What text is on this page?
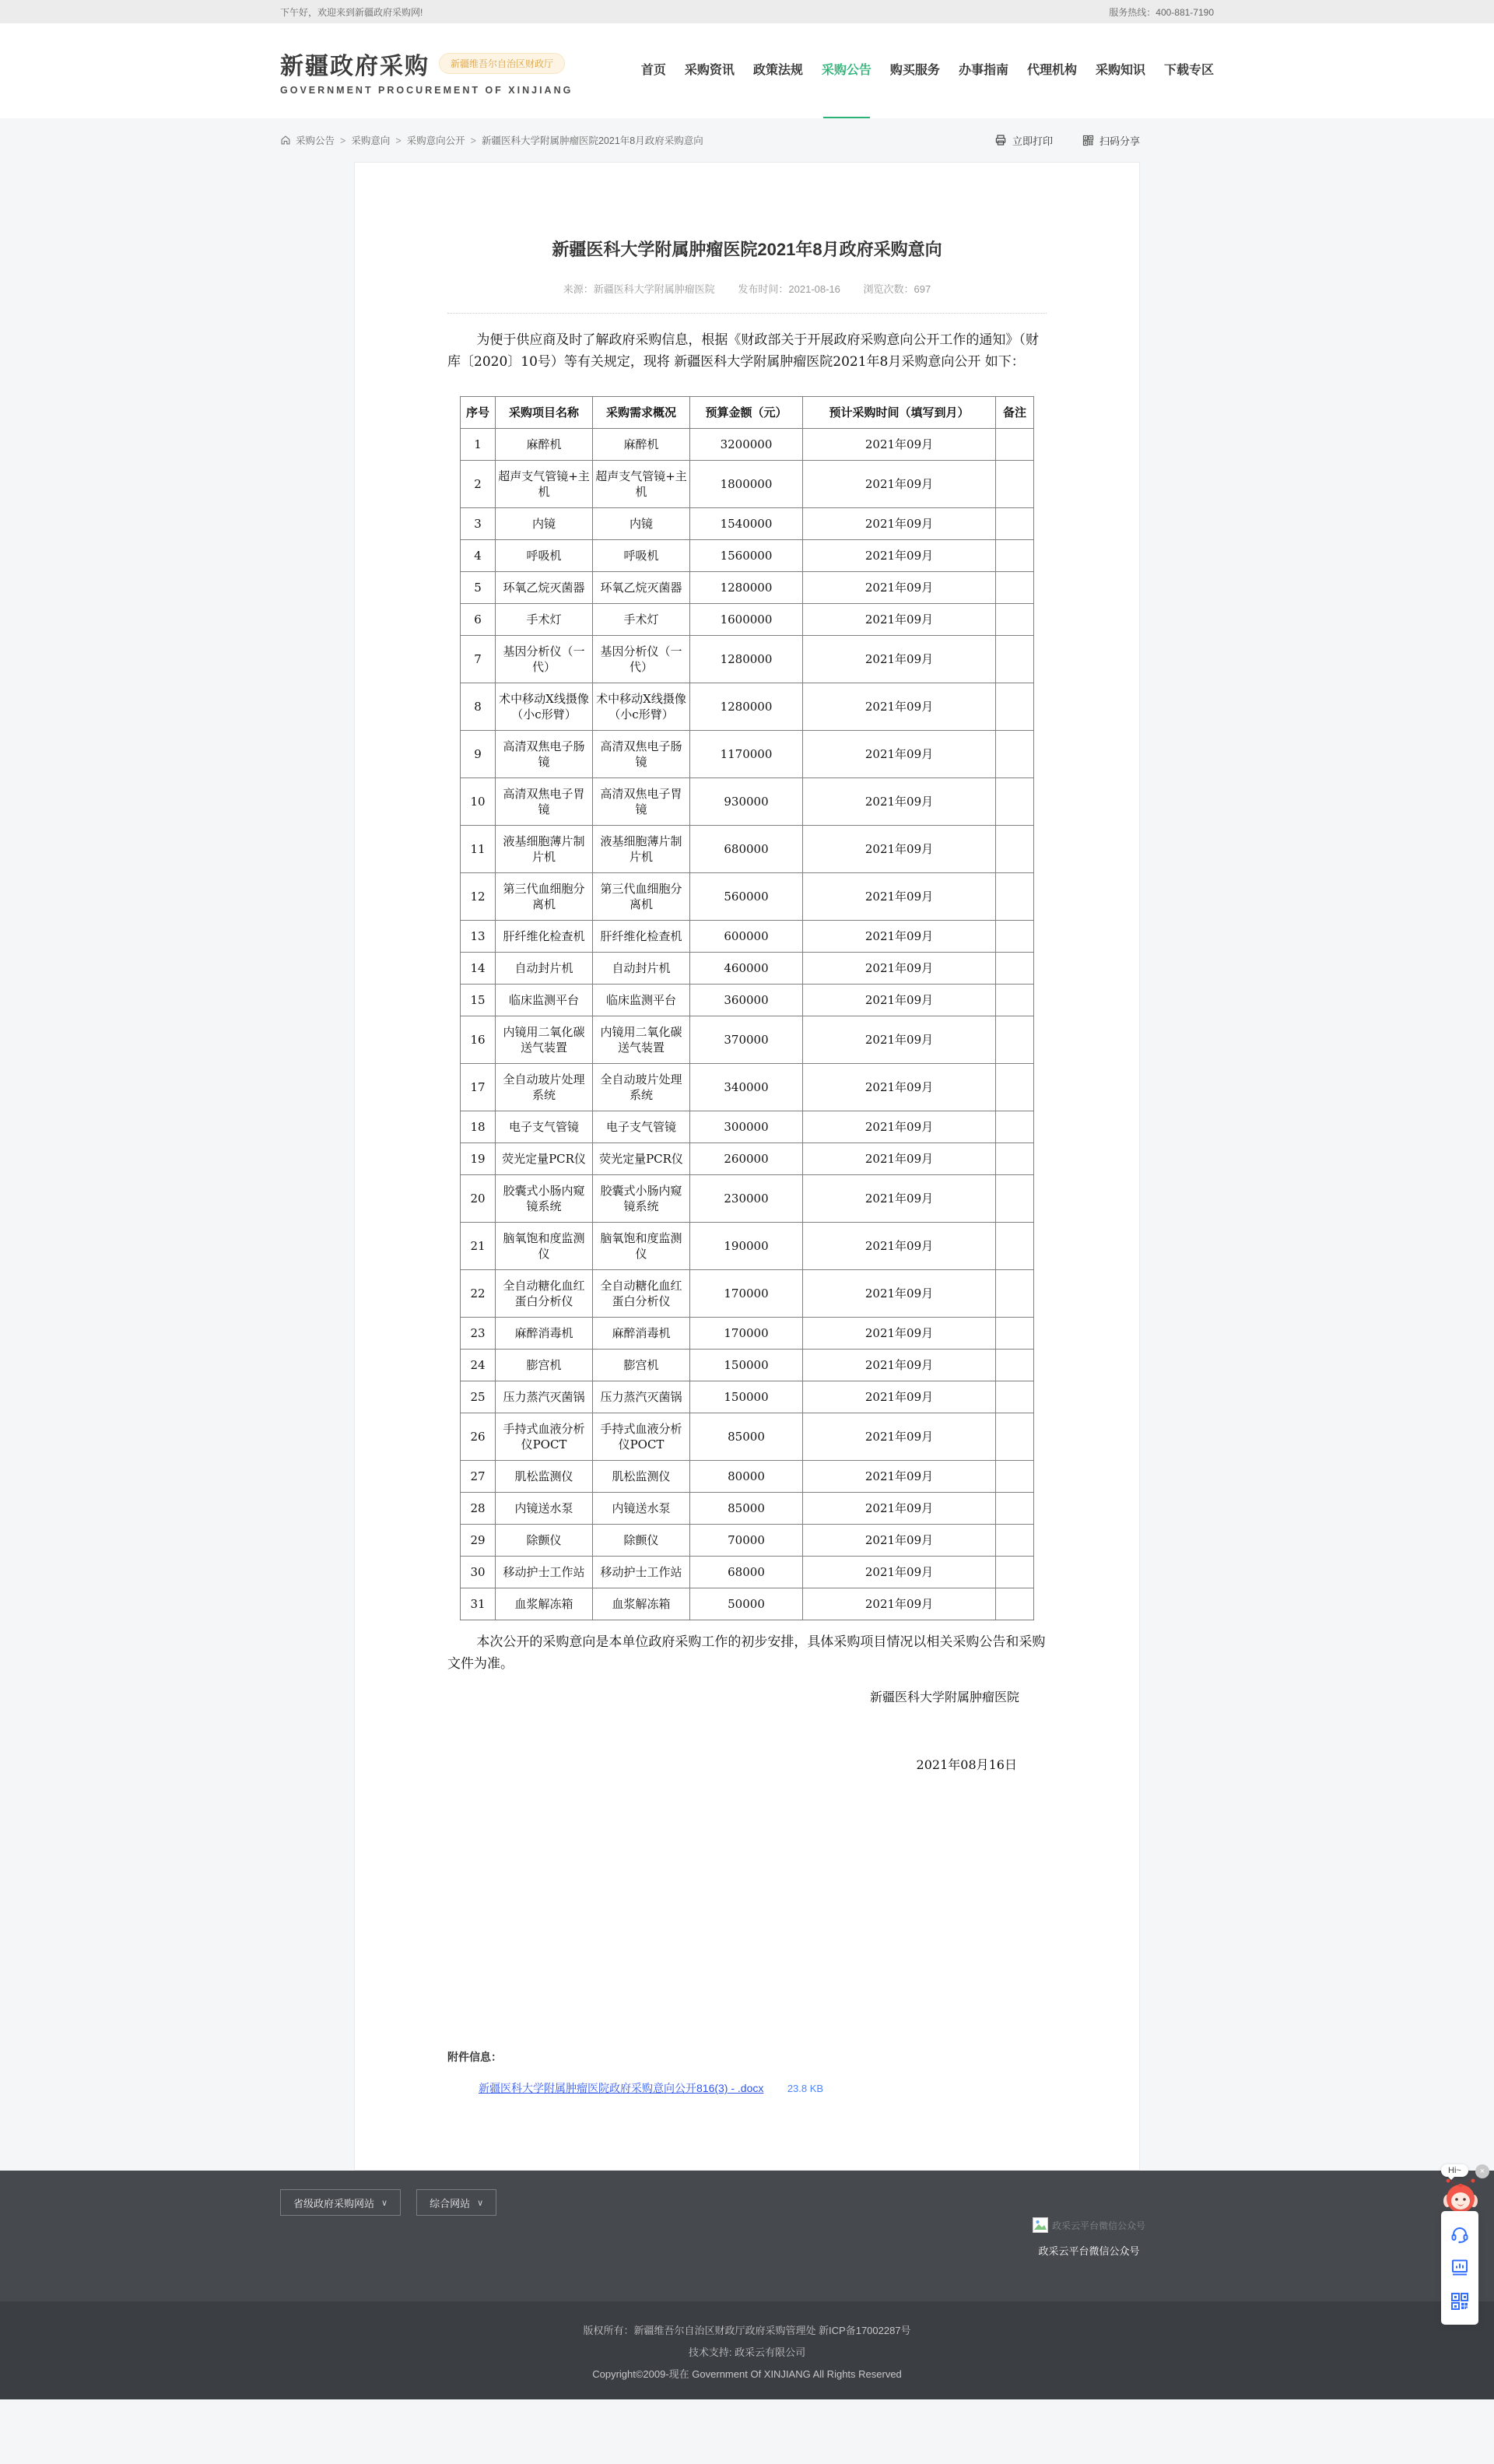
下午好，欢迎来到新疆政府采购网!	服务热线：400-881-7190
新疆政府采购	新疆维吾尔自治区财政厅
GOVERNMENT PROCUREMENT OF XINJIANG
首页 采购资讯 政策法规 采购公告 购买服务 办事指南 代理机构 采购知识 下载专区
采购公告 > 采购意向 > 采购意向公开 > 新疆医科大学附属肿瘤医院2021年8月政府采购意向	立即打印	扫码分享
新疆医科大学附属肿瘤医院2021年8月政府采购意向
来源：新疆医科大学附属肿瘤医院 发布时间：2021-08-16 浏览次数：697

为便于供应商及时了解政府采购信息，根据《财政部关于开展政府采购意向公开工作的通知》（财库〔2020〕10号）等有关规定，现将 新疆医科大学附属肿瘤医院2021年8月采购意向公开 如下：

序号	采购项目名称	采购需求概况	预算金额（元）	预计采购时间（填写到月）	备注
1	麻醉机	麻醉机	3200000	2021年09月	
2	超声支气管镜+主机	超声支气管镜+主机	1800000	2021年09月	
3	内镜	内镜	1540000	2021年09月	
4	呼吸机	呼吸机	1560000	2021年09月	
5	环氧乙烷灭菌器	环氧乙烷灭菌器	1280000	2021年09月	
6	手术灯	手术灯	1600000	2021年09月	
7	基因分析仪（一代）	基因分析仪（一代）	1280000	2021年09月	
8	术中移动X线摄像（小c形臂）	术中移动X线摄像（小c形臂）	1280000	2021年09月	
9	高清双焦电子肠镜	高清双焦电子肠镜	1170000	2021年09月	
10	高清双焦电子胃镜	高清双焦电子胃镜	930000	2021年09月	
11	液基细胞薄片制片机	液基细胞薄片制片机	680000	2021年09月	
12	第三代血细胞分离机	第三代血细胞分离机	560000	2021年09月	
13	肝纤维化检查机	肝纤维化检查机	600000	2021年09月	
14	自动封片机	自动封片机	460000	2021年09月	
15	临床监测平台	临床监测平台	360000	2021年09月	
16	内镜用二氧化碳送气装置	内镜用二氧化碳送气装置	370000	2021年09月	
17	全自动玻片处理系统	全自动玻片处理系统	340000	2021年09月	
18	电子支气管镜	电子支气管镜	300000	2021年09月	
19	荧光定量PCR仪	荧光定量PCR仪	260000	2021年09月	
20	胶囊式小肠内窥镜系统	胶囊式小肠内窥镜系统	230000	2021年09月	
21	脑氧饱和度监测仪	脑氧饱和度监测仪	190000	2021年09月	
22	全自动糖化血红蛋白分析仪	全自动糖化血红蛋白分析仪	170000	2021年09月	
23	麻醉消毒机	麻醉消毒机	170000	2021年09月	
24	膨宫机	膨宫机	150000	2021年09月	
25	压力蒸汽灭菌锅	压力蒸汽灭菌锅	150000	2021年09月	
26	手持式血液分析仪POCT	手持式血液分析仪POCT	85000	2021年09月	
27	肌松监测仪	肌松监测仪	80000	2021年09月	
28	内镜送水泵	内镜送水泵	85000	2021年09月	
29	除颤仪	除颤仪	70000	2021年09月	
30	移动护士工作站	移动护士工作站	68000	2021年09月	
31	血浆解冻箱	血浆解冻箱	50000	2021年09月	

本次公开的采购意向是本单位政府采购工作的初步安排，具体采购项目情况以相关采购公告和采购文件为准。

新疆医科大学附属肿瘤医院

2021年08月16日

附件信息：
新疆医科大学附属肿瘤医院政府采购意向公开816(3) - .docx 23.8 KB
省级政府采购网站 ∨	综合网站 ∨
政采云平台微信公众号
政采云平台微信公众号

版权所有：新疆维吾尔自治区财政厅政府采购管理处 新ICP备17002287号

技术支持: 政采云有限公司

Copyright©2009-现在 Government Of XINJIANG All Rights Reserved

Hi~	×
